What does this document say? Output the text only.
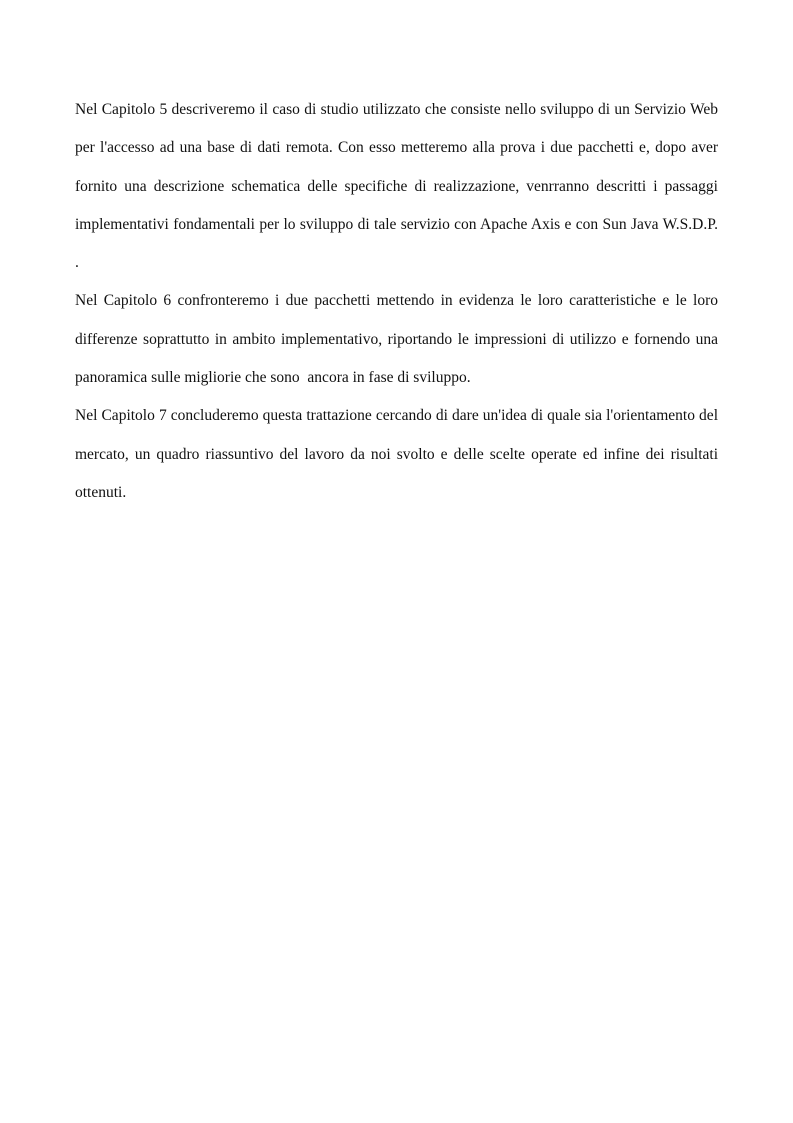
Nel Capitolo 5 descriveremo il caso di studio utilizzato che consiste nello sviluppo di un Servizio Web per l'accesso ad una base di dati remota. Con esso metteremo alla prova i due pacchetti e, dopo aver fornito una descrizione schematica delle specifiche di realizzazione, venrranno descritti i passaggi implementativi fondamentali per lo sviluppo di tale servizio con Apache Axis e con Sun Java W.S.D.P. .

Nel Capitolo 6 confronteremo i due pacchetti mettendo in evidenza le loro caratteristiche e le loro differenze soprattutto in ambito implementativo, riportando le impressioni di utilizzo e fornendo una panoramica sulle migliorie che sono  ancora in fase di sviluppo.

Nel Capitolo 7 concluderemo questa trattazione cercando di dare un'idea di quale sia l'orientamento del mercato, un quadro riassuntivo del lavoro da noi svolto e delle scelte operate ed infine dei risultati ottenuti.
